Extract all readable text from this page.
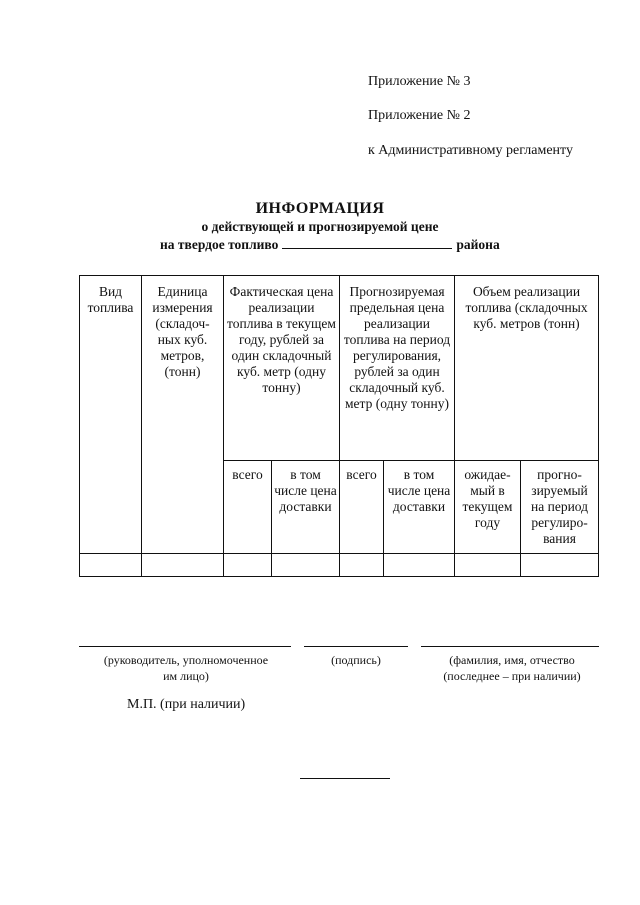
Приложение № 3
Приложение № 2
к Административному регламенту
ИНФОРМАЦИЯ
о действующей и прогнозируемой цене
на твердое топливо	района
Вид топлива	Единица измерения (складоч-ных куб. метров, (тонн)	Фактическая цена реализации топлива в текущем году, рублей за один складочный куб. метр (одну тонну)		Прогнозируемая предельная цена реализации топлива на период регулирования, рублей за один складочный куб. метр (одну тонну)		Объем реализации топлива (складочных куб. метров (тонн)	
		всего	в том числе цена доставки	всего	в том числе цена доставки	ожидае-мый в текущем году	прогно-зируемый на период регулиро-вания

(руководитель, уполномоченное им лицо)
(подпись)	(фамилия, имя, отчество (последнее – при наличии)
М.П. (при наличии)
